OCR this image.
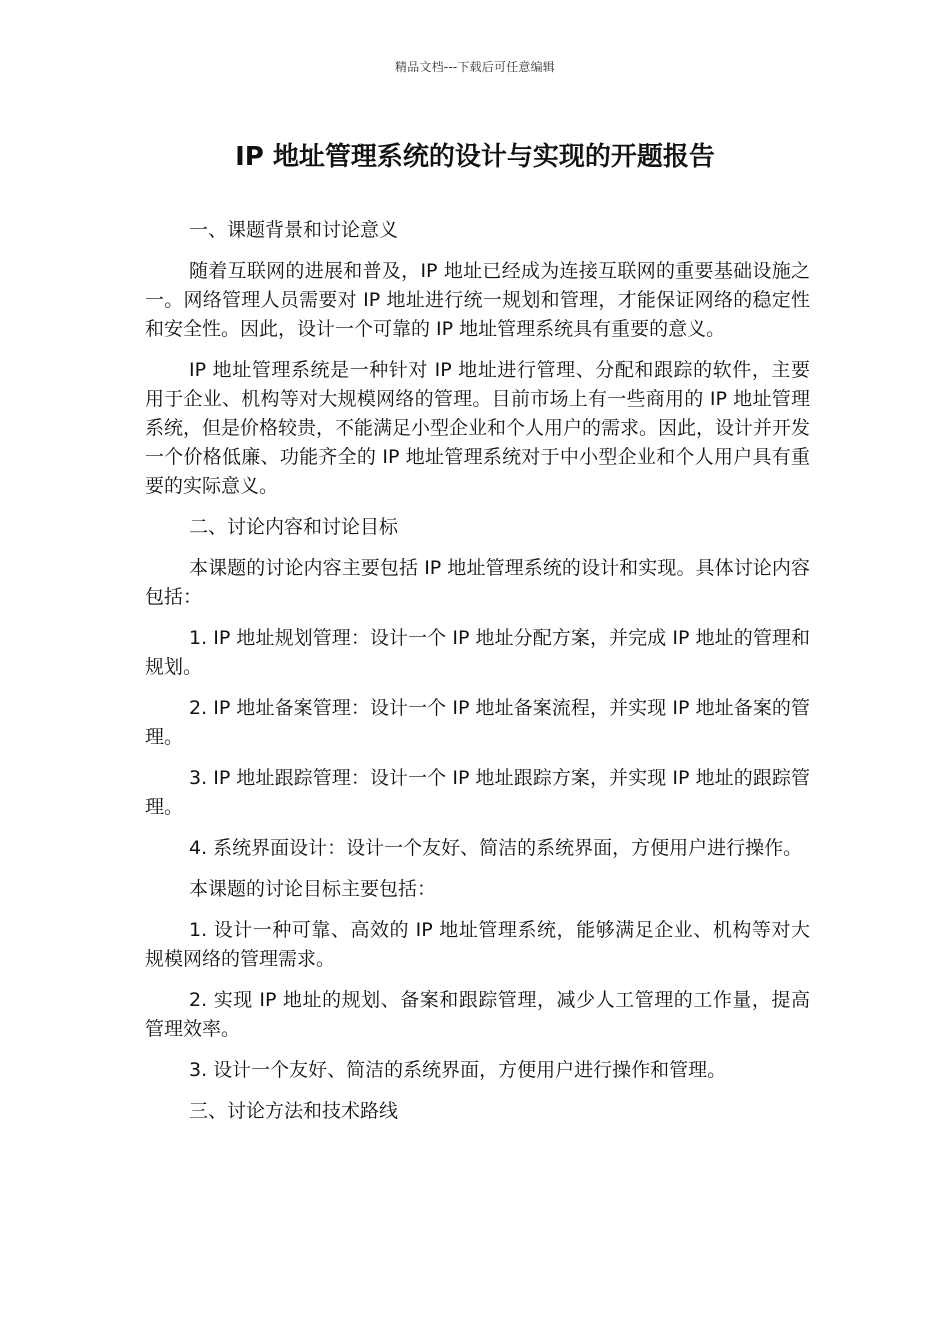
精品文档---下载后可任意编辑
IP 地址管理系统的设计与实现的开题报告

一、课题背景和讨论意义

随着互联网的进展和普及，IP 地址已经成为连接互联网的重要基础设施之一。网络管理人员需要对 IP 地址进行统一规划和管理，才能保证网络的稳定性和安全性。因此，设计一个可靠的 IP 地址管理系统具有重要的意义。

IP 地址管理系统是一种针对 IP 地址进行管理、分配和跟踪的软件，主要用于企业、机构等对大规模网络的管理。目前市场上有一些商用的 IP 地址管理系统，但是价格较贵，不能满足小型企业和个人用户的需求。因此，设计并开发一个价格低廉、功能齐全的 IP 地址管理系统对于中小型企业和个人用户具有重要的实际意义。

二、讨论内容和讨论目标

本课题的讨论内容主要包括 IP 地址管理系统的设计和实现。具体讨论内容包括：

1. IP 地址规划管理：设计一个 IP 地址分配方案，并完成 IP 地址的管理和规划。

2. IP 地址备案管理：设计一个 IP 地址备案流程，并实现 IP 地址备案的管理。

3. IP 地址跟踪管理：设计一个 IP 地址跟踪方案，并实现 IP 地址的跟踪管理。

4. 系统界面设计：设计一个友好、简洁的系统界面，方便用户进行操作。

本课题的讨论目标主要包括：

1. 设计一种可靠、高效的 IP 地址管理系统，能够满足企业、机构等对大规模网络的管理需求。

2. 实现 IP 地址的规划、备案和跟踪管理，减少人工管理的工作量，提高管理效率。

3. 设计一个友好、简洁的系统界面，方便用户进行操作和管理。

三、讨论方法和技术路线
